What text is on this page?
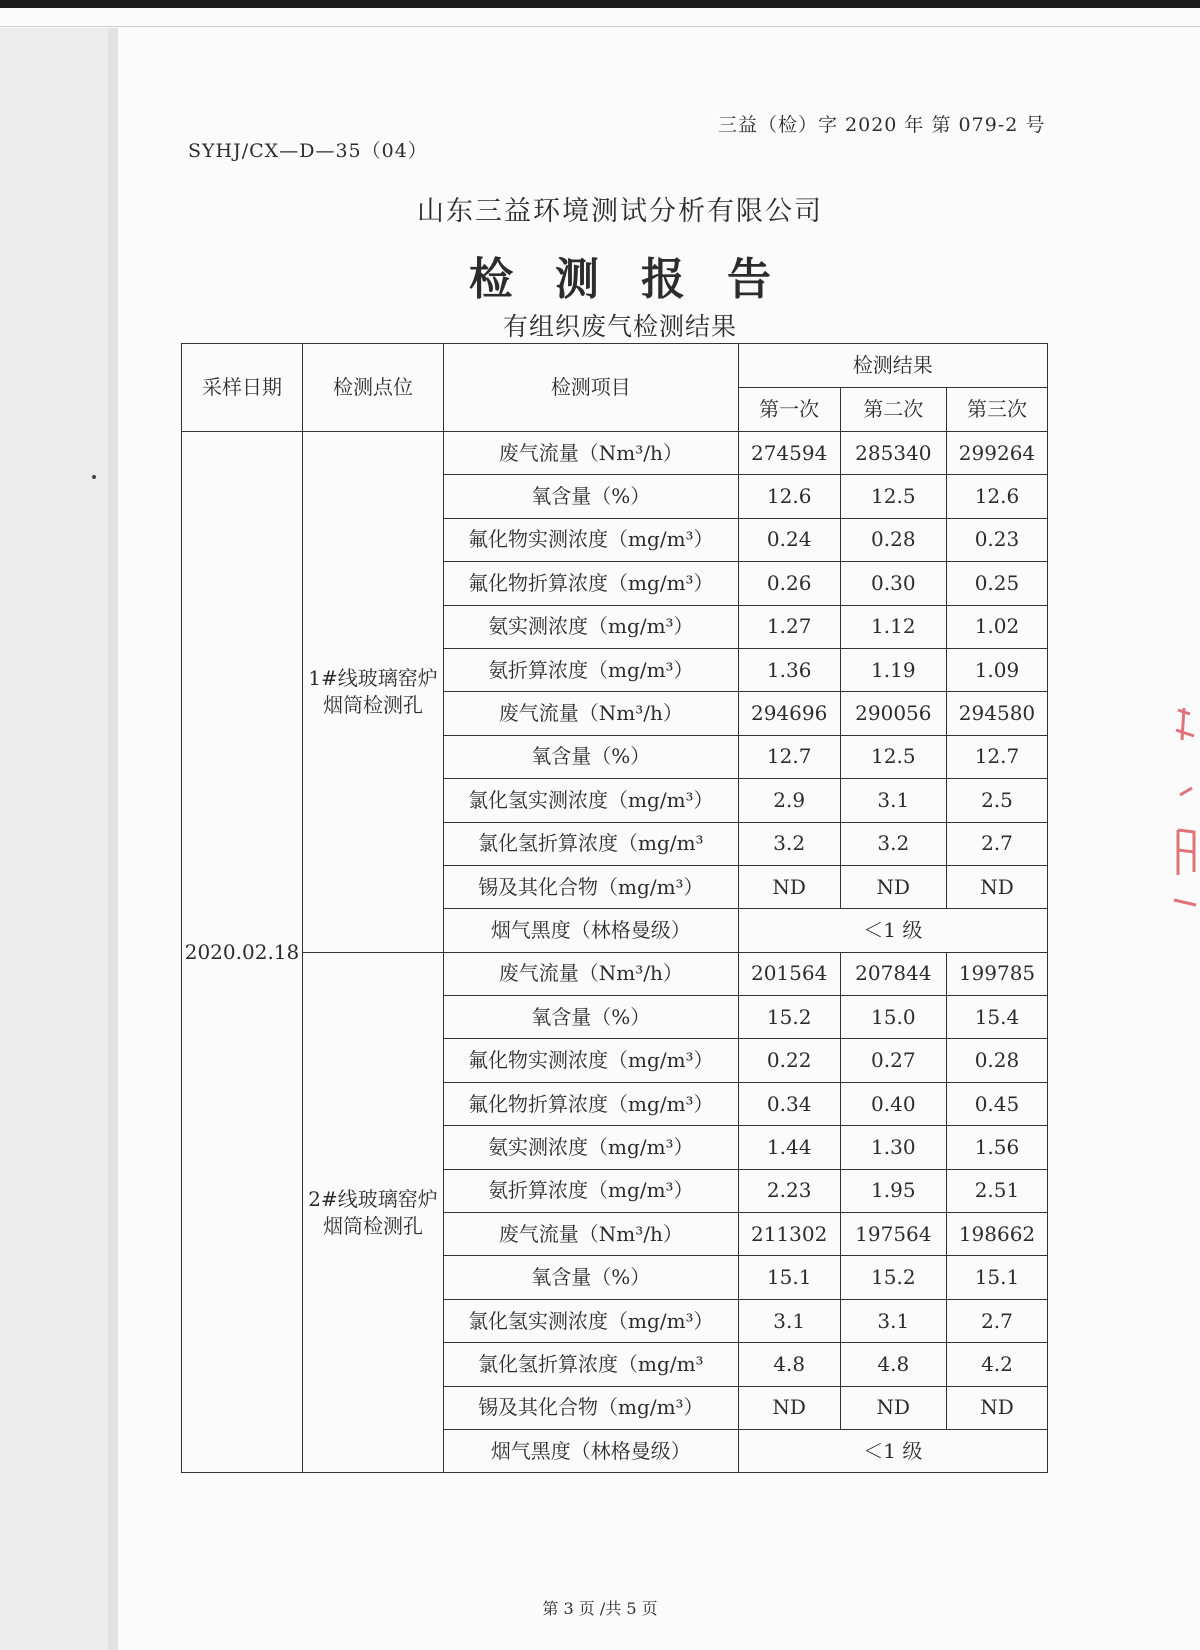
三益（检）字 2020 年 第 079-2 号
SYHJ/CX—D—35（04）
山东三益环境测试分析有限公司
检测报告
有组织废气检测结果
采样日期	检测点位	检测项目	检测结果		
			第一次	第二次	第三次
2020.02.18	1#线玻璃窑炉烟筒检测孔	废气流量（Nm³/h）	274594	285340	299264
		氧含量（%）	12.6	12.5	12.6
		氟化物实测浓度（mg/m³）	0.24	0.28	0.23
		氟化物折算浓度（mg/m³）	0.26	0.30	0.25
		氨实测浓度（mg/m³）	1.27	1.12	1.02
		氨折算浓度（mg/m³）	1.36	1.19	1.09
		废气流量（Nm³/h）	294696	290056	294580
		氧含量（%）	12.7	12.5	12.7
		氯化氢实测浓度（mg/m³）	2.9	3.1	2.5
		氯化氢折算浓度（mg/m³	3.2	3.2	2.7
		锡及其化合物（mg/m³）	ND	ND	ND
		烟气黑度（林格曼级）	＜1 级		
	2#线玻璃窑炉烟筒检测孔	废气流量（Nm³/h）	201564	207844	199785
		氧含量（%）	15.2	15.0	15.4
		氟化物实测浓度（mg/m³）	0.22	0.27	0.28
		氟化物折算浓度（mg/m³）	0.34	0.40	0.45
		氨实测浓度（mg/m³）	1.44	1.30	1.56
		氨折算浓度（mg/m³）	2.23	1.95	2.51
		废气流量（Nm³/h）	211302	197564	198662
		氧含量（%）	15.1	15.2	15.1
		氯化氢实测浓度（mg/m³）	3.1	3.1	2.7
		氯化氢折算浓度（mg/m³	4.8	4.8	4.2
		锡及其化合物（mg/m³）	ND	ND	ND
		烟气黑度（林格曼级）	＜1 级		
第 3 页 /共 5 页
